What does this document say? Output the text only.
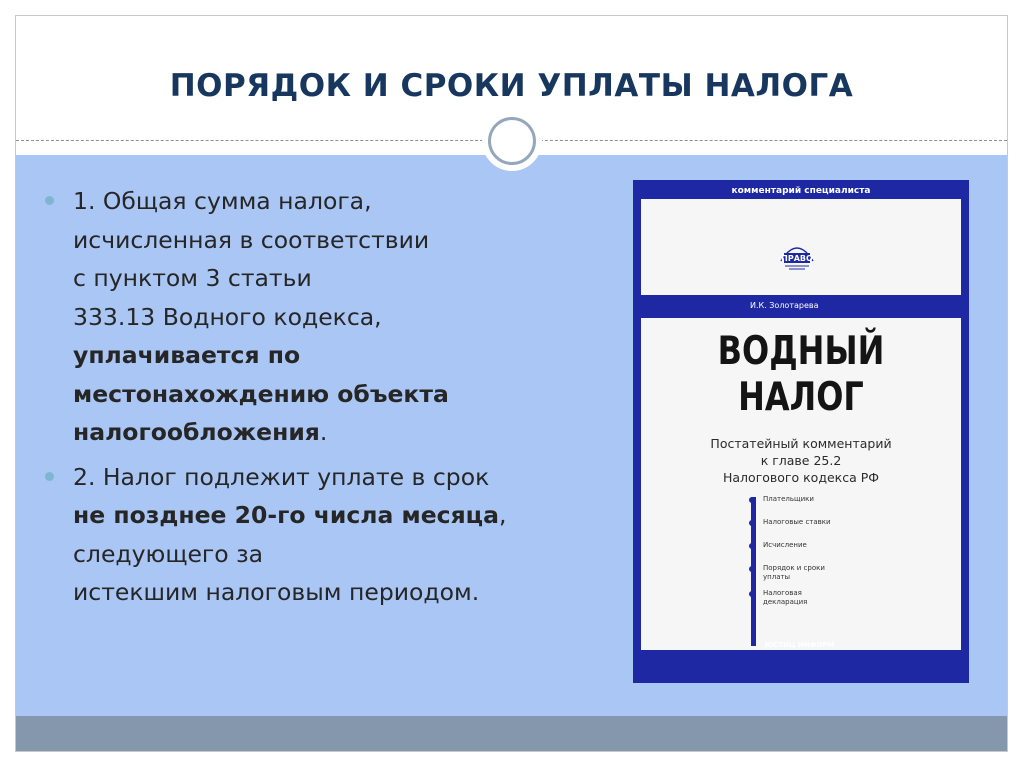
ПОРЯДОК И СРОКИ УПЛАТЫ НАЛОГА
1. Общая сумма налога,
исчисленная в соответствии
с пунктом 3 статьи
333.13 Водного кодекса,
уплачивается по
местонахождению объекта
налогообложения.
2. Налог подлежит уплате в срок
не позднее 20-го числа месяца,
следующего за
истекшим налоговым периодом.
комментарий специалиста
ПРАВО
И.К. Золотарева
ВОДНЫЙ
НАЛОГ
Постатейный комментарий
к главе 25.2
Налогового кодекса РФ
Плательщики
Налоговые ставки
Исчисление
Порядок и сроки
уплаты
Налоговая
декларация
ЮСТИЦ ИНФОРМ
